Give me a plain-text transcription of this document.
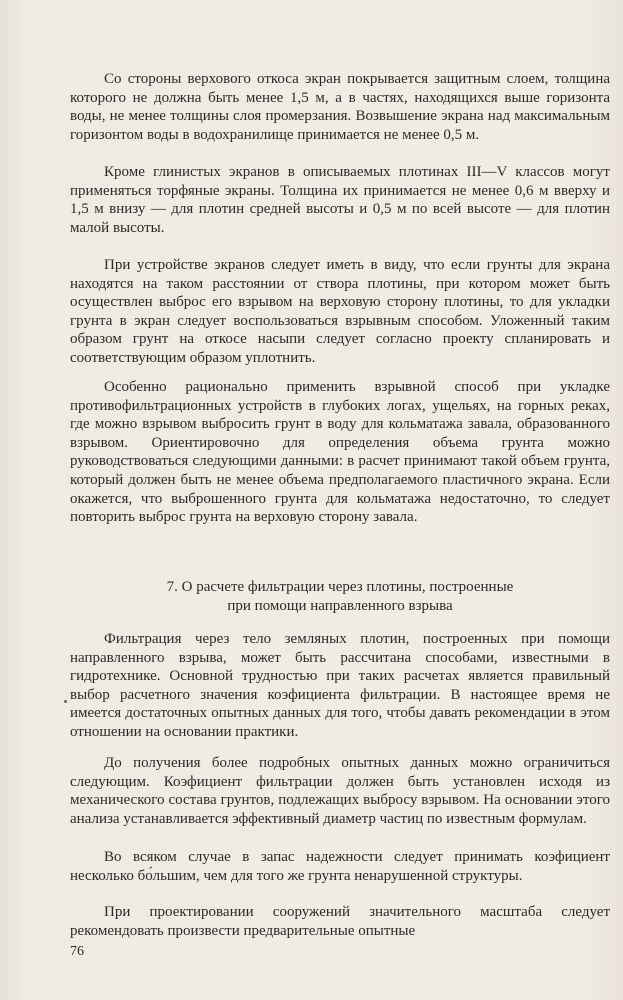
Со стороны верхового откоса экран покрывается защитным слоем, толщина которого не должна быть менее 1,5 м, а в частях, находящихся выше горизонта воды, не менее толщины слоя промерзания. Возвышение экрана над максимальным горизонтом воды в водохранилище принимается не менее 0,5 м.

Кроме глинистых экранов в описываемых плотинах III—V классов могут применяться торфяные экраны. Толщина их принимается не менее 0,6 м вверху и 1,5 м внизу — для плотин средней высоты и 0,5 м по всей высоте — для плотин малой высоты.

При устройстве экранов следует иметь в виду, что если грунты для экрана находятся на таком расстоянии от створа плотины, при котором может быть осуществлен выброс его взрывом на верховую сторону плотины, то для укладки грунта в экран следует воспользоваться взрывным способом. Уложенный таким образом грунт на откосе насыпи следует согласно проекту спланировать и соответствующим образом уплотнить.

Особенно рационально применить взрывной способ при укладке противофильтрационных устройств в глубоких логах, ущельях, на горных реках, где можно взрывом выбросить грунт в воду для кольматажа завала, образованного взрывом. Ориентировочно для определения объема грунта можно руководствоваться следующими данными: в расчет принимают такой объем грунта, который должен быть не менее объема предполагаемого пластичного экрана. Если окажется, что выброшенного грунта для кольматажа недостаточно, то следует повторить выброс грунта на верховую сторону завала.

7. О расчете фильтрации через плотины, построенные
при помощи направленного взрыва

Фильтрация через тело земляных плотин, построенных при помощи направленного взрыва, может быть рассчитана способами, известными в гидротехнике. Основной трудностью при таких расчетах является правильный выбор расчетного значения коэфициента фильтрации. В настоящее время не имеется достаточных опытных данных для того, чтобы давать рекомендации в этом отношении на основании практики.

До получения более подробных опытных данных можно ограничиться следующим. Коэфициент фильтрации должен быть установлен исходя из механического состава грунтов, подлежащих выбросу взрывом. На основании этого анализа устанавливается эффективный диаметр частиц по известным формулам.

Во всяком случае в запас надежности следует принимать коэфициент несколько бо́льшим, чем для того же грунта ненарушенной структуры.

При проектировании сооружений значительного масштаба следует рекомендовать произвести предварительные опытные

76
